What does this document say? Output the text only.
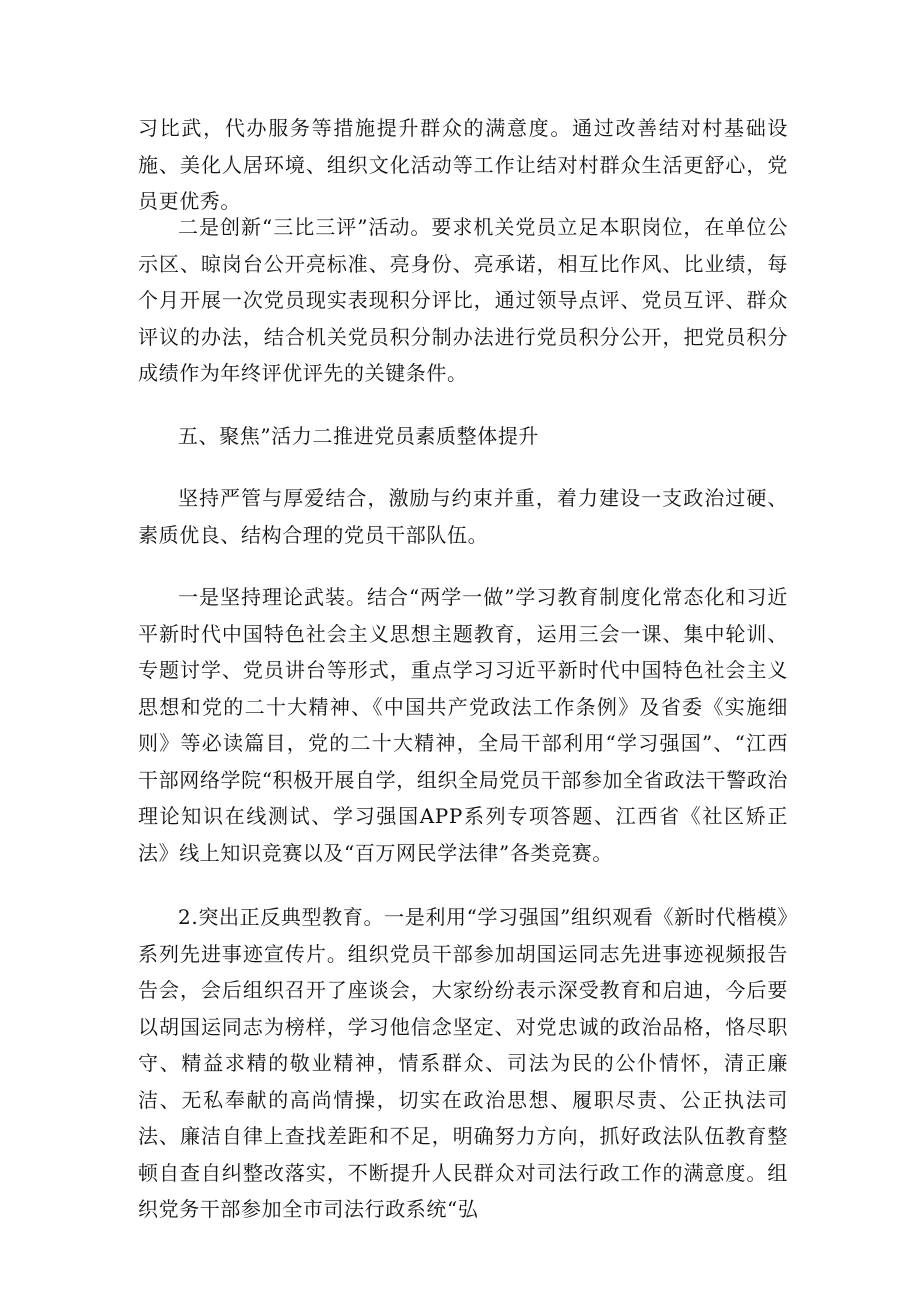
习比武，代办服务等措施提升群众的满意度。通过改善结对村基础设施、美化人居环境、组织文化活动等工作让结对村群众生活更舒心，党员更优秀。

二是创新“三比三评”活动。要求机关党员立足本职岗位，在单位公示区、晾岗台公开亮标准、亮身份、亮承诺，相互比作风、比业绩，每个月开展一次党员现实表现积分评比，通过领导点评、党员互评、群众评议的办法，结合机关党员积分制办法进行党员积分公开，把党员积分成绩作为年终评优评先的关键条件。

五、聚焦”活力二推进党员素质整体提升

坚持严管与厚爱结合，激励与约束并重，着力建设一支政治过硬、素质优良、结构合理的党员干部队伍。

一是坚持理论武装。结合“两学一做”学习教育制度化常态化和习近平新时代中国特色社会主义思想主题教育，运用三会一课、集中轮训、专题讨学、党员讲台等形式，重点学习习近平新时代中国特色社会主义思想和党的二十大精神、《中国共产党政法工作条例》及省委《实施细则》等必读篇目，党的二十大精神，全局干部利用“学习强国”、“江西干部网络学院“积极开展自学，组织全局党员干部参加全省政法干警政治理论知识在线测试、学习强国APP系列专项答题、江西省《社区矫正法》线上知识竞赛以及“百万网民学法律”各类竞赛。

2.突出正反典型教育。一是利用“学习强国”组织观看《新时代楷模》系列先进事迹宣传片。组织党员干部参加胡国运同志先进事迹视频报告告会，会后组织召开了座谈会，大家纷纷表示深受教育和启迪，今后要以胡国运同志为榜样，学习他信念坚定、对党忠诚的政治品格，恪尽职守、精益求精的敬业精神，情系群众、司法为民的公仆情怀，清正廉洁、无私奉献的高尚情操，切实在政治思想、履职尽责、公正执法司法、廉洁自律上查找差距和不足，明确努力方向，抓好政法队伍教育整顿自查自纠整改落实，不断提升人民群众对司法行政工作的满意度。组织党务干部参加全市司法行政系统“弘
